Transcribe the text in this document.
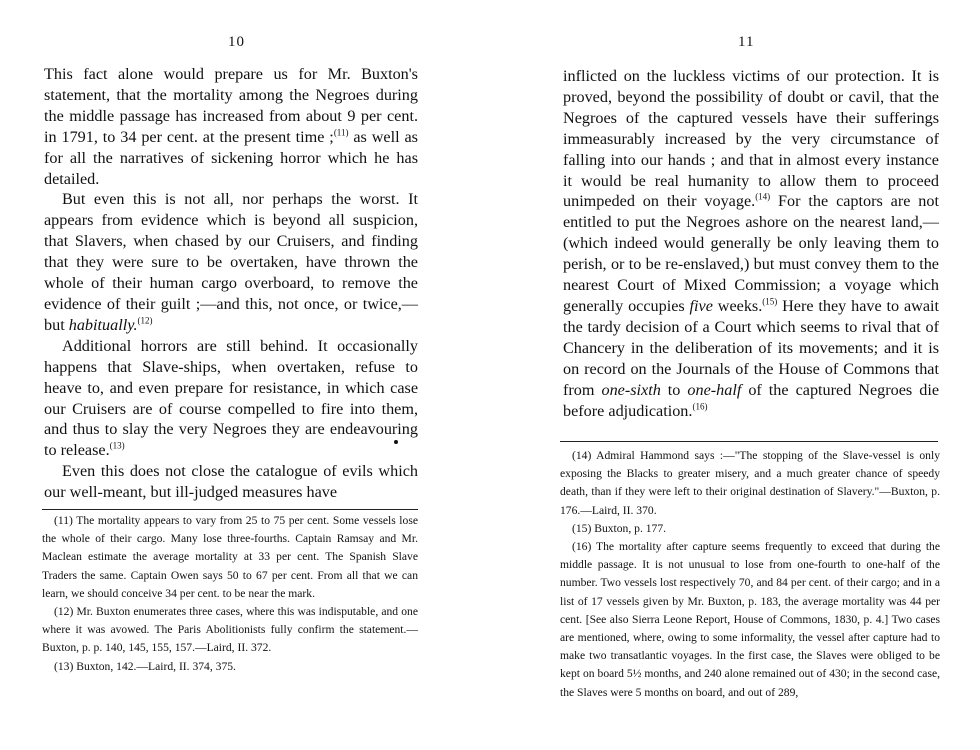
10

This fact alone would prepare us for Mr. Buxton's statement, that the mortality among the Negroes during the middle passage has increased from about 9 per cent. in 1791, to 34 per cent. at the present time ;$^{(11)}$ as well as for all the narratives of sickening horror which he has detailed.

But even this is not all, nor perhaps the worst. It appears from evidence which is beyond all suspicion, that Slavers, when chased by our Cruisers, and finding that they were sure to be overtaken, have thrown the whole of their human cargo overboard, to remove the evidence of their guilt ;—and this, not once, or twice,—but habitually.$^{(12)}$

Additional horrors are still behind. It occasionally happens that Slave-ships, when overtaken, refuse to heave to, and even prepare for resistance, in which case our Cruisers are of course compelled to fire into them, and thus to slay the very Negroes they are endeavouring to release.$^{(13)}$

Even this does not close the catalogue of evils which our well-meant, but ill-judged measures have

(11) The mortality appears to vary from 25 to 75 per cent. Some vessels lose the whole of their cargo. Many lose three-fourths. Captain Ramsay and Mr. Maclean estimate the average mortality at 33 per cent. The Spanish Slave Traders the same. Captain Owen says 50 to 67 per cent. From all that we can learn, we should conceive 34 per cent. to be near the mark.

(12) Mr. Buxton enumerates three cases, where this was indisputable, and one where it was avowed. The Paris Abolitionists fully confirm the statement.—Buxton, p. p. 140, 145, 155, 157.—Laird, II. 372.

(13) Buxton, 142.—Laird, II. 374, 375.

11

inflicted on the luckless victims of our protection. It is proved, beyond the possibility of doubt or cavil, that the Negroes of the captured vessels have their sufferings immeasurably increased by the very circumstance of falling into our hands ; and that in almost every instance it would be real humanity to allow them to proceed unimpeded on their voyage.$^{(14)}$ For the captors are not entitled to put the Negroes ashore on the nearest land,—(which indeed would generally be only leaving them to perish, or to be re-enslaved,) but must convey them to the nearest Court of Mixed Commission; a voyage which generally occupies five weeks.$^{(15)}$ Here they have to await the tardy decision of a Court which seems to rival that of Chancery in the deliberation of its movements; and it is on record on the Journals of the House of Commons that from one-sixth to one-half of the captured Negroes die before adjudication.$^{(16)}$

(14) Admiral Hammond says :—"The stopping of the Slave-vessel is only exposing the Blacks to greater misery, and a much greater chance of speedy death, than if they were left to their original destination of Slavery."—Buxton, p. 176.—Laird, II. 370.

(15) Buxton, p. 177.

(16) The mortality after capture seems frequently to exceed that during the middle passage. It is not unusual to lose from one-fourth to one-half of the number. Two vessels lost respectively 70, and 84 per cent. of their cargo; and in a list of 17 vessels given by Mr. Buxton, p. 183, the average mortality was 44 per cent. [See also Sierra Leone Report, House of Commons, 1830, p. 4.] Two cases are mentioned, where, owing to some informality, the vessel after capture had to make two transatlantic voyages. In the first case, the Slaves were obliged to be kept on board 5½ months, and 240 alone remained out of 430; in the second case, the Slaves were 5 months on board, and out of 289,
